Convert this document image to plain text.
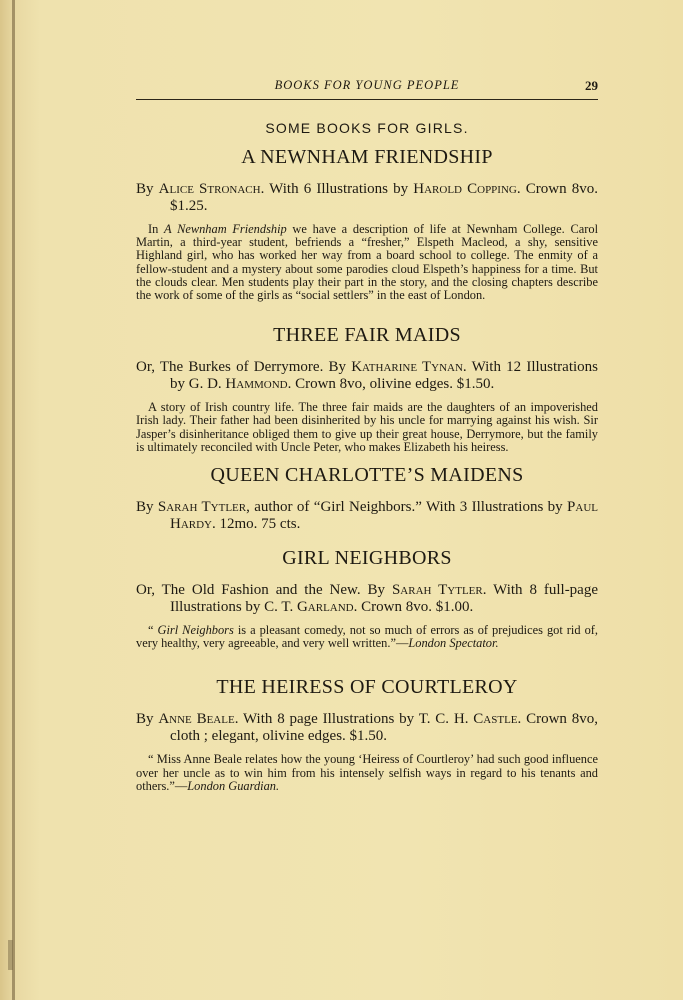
BOOKS FOR YOUNG PEOPLE	29
SOME BOOKS FOR GIRLS.
A NEWNHAM FRIENDSHIP

By Alice Stronach. With 6 Illustrations by Harold Copping. Crown 8vo. $1.25.

In A Newnham Friendship we have a description of life at Newnham College. Carol Martin, a third-year student, befriends a “fresher,” Elspeth Macleod, a shy, sensitive Highland girl, who has worked her way from a board school to college. The enmity of a fellow-student and a mystery about some parodies cloud Elspeth’s happiness for a time. But the clouds clear. Men students play their part in the story, and the closing chapters describe the work of some of the girls as “social settlers” in the east of London.

THREE FAIR MAIDS

Or, The Burkes of Derrymore. By Katharine Tynan. With 12 Illustrations by G. D. Hammond. Crown 8vo, olivine edges. $1.50.

A story of Irish country life. The three fair maids are the daughters of an impoverished Irish lady. Their father had been disinherited by his uncle for marrying against his wish. Sir Jasper’s disinheritance obliged them to give up their great house, Derrymore, but the family is ultimately reconciled with Uncle Peter, who makes Elizabeth his heiress.

QUEEN CHARLOTTE’S MAIDENS

By Sarah Tytler, author of “Girl Neighbors.” With 3 Illustrations by Paul Hardy. 12mo. 75 cts.

GIRL NEIGHBORS

Or, The Old Fashion and the New. By Sarah Tytler. With 8 full-page Illustrations by C. T. Garland. Crown 8vo. $1.00.

“ Girl Neighbors is a pleasant comedy, not so much of errors as of prejudices got rid of, very healthy, very agreeable, and very well written.”—London Spectator.

THE HEIRESS OF COURTLEROY

By Anne Beale. With 8 page Illustrations by T. C. H. Castle. Crown 8vo, cloth ; elegant, olivine edges. $1.50.

“ Miss Anne Beale relates how the young ‘Heiress of Courtleroy’ had such good influence over her uncle as to win him from his intensely selfish ways in regard to his tenants and others.”—London Guardian.
